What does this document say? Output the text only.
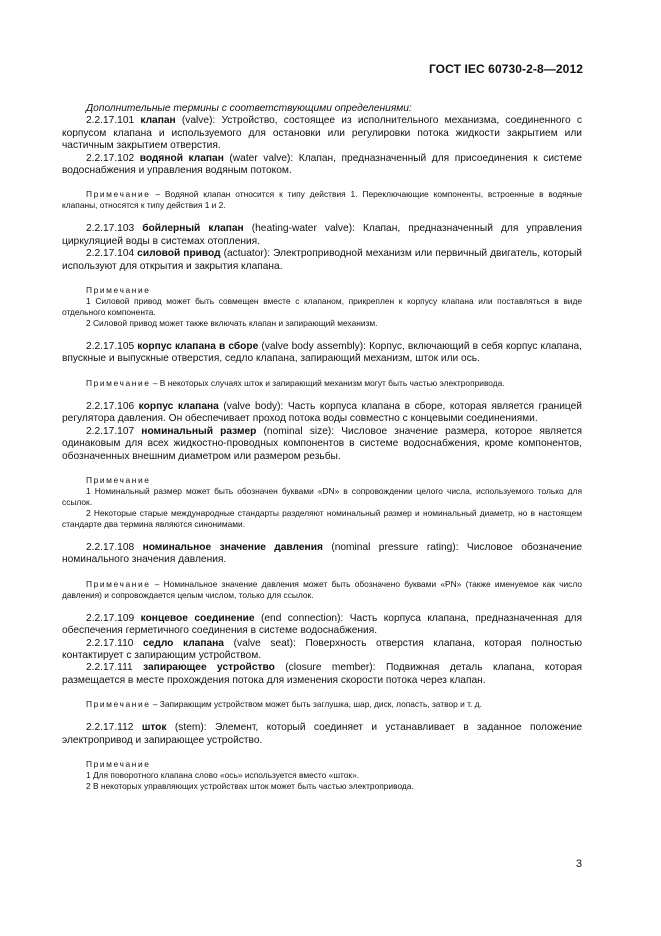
ГОСТ IEC 60730-2-8—2012

Дополнительные термины с соответствующими определениями:

2.2.17.101 клапан (valve): Устройство, состоящее из исполнительного механизма, соединенного с корпусом клапана и используемого для остановки или регулировки потока жидкости закрытием или частичным закрытием отверстия.

2.2.17.102 водяной клапан (water valve): Клапан, предназначенный для присоединения к системе водоснабжения и управления водяным потоком.

Примечание – Водяной клапан относится к типу действия 1. Переключающие компоненты, встроенные в водяные клапаны, относятся к типу действия 1 и 2.

2.2.17.103 бойлерный клапан (heating-water valve): Клапан, предназначенный для управления циркуляцией воды в системах отопления.

2.2.17.104 силовой привод (actuator): Электроприводной механизм или первичный двигатель, который используют для открытия и закрытия клапана.

Примечание

1 Силовой привод может быть совмещен вместе с клапаном, прикреплен к корпусу клапана или поставляться в виде отдельного компонента.

2 Силовой привод может также включать клапан и запирающий механизм.

2.2.17.105 корпус клапана в сборе (valve body assembly): Корпус, включающий в себя корпус клапана, впускные и выпускные отверстия, седло клапана, запирающий механизм, шток или ось.

Примечание – В некоторых случаях шток и запирающий механизм могут быть частью электропривода.

2.2.17.106 корпус клапана (valve body): Часть корпуса клапана в сборе, которая является границей регулятора давления. Он обеспечивает проход потока воды совместно с концевыми соединениями.

2.2.17.107 номинальный размер (nominal size): Числовое значение размера, которое является одинаковым для всех жидкостно-проводных компонентов в системе водоснабжения, кроме компонентов, обозначенных внешним диаметром или размером резьбы.

Примечание

1 Номинальный размер может быть обозначен буквами «DN» в сопровождении целого числа, используемого только для ссылок.

2 Некоторые старые международные стандарты разделяют номинальный размер и номинальный диаметр, но в настоящем стандарте два термина являются синонимами.

2.2.17.108 номинальное значение давления (nominal pressure rating): Числовое обозначение номинального значения давления.

Примечание – Номинальное значение давления может быть обозначено буквами «PN» (также именуемое как число давления) и сопровождается целым числом, только для ссылок.

2.2.17.109 концевое соединение (end connection): Часть корпуса клапана, предназначенная для обеспечения герметичного соединения в системе водоснабжения.

2.2.17.110 седло клапана (valve seat): Поверхность отверстия клапана, которая полностью контактирует с запирающим устройством.

2.2.17.111 запирающее устройство (closure member): Подвижная деталь клапана, которая размещается в месте прохождения потока для изменения скорости потока через клапан.

Примечание – Запирающим устройством может быть заглушка, шар, диск, лопасть, затвор и т. д.

2.2.17.112 шток (stem): Элемент, который соединяет и устанавливает в заданное положение электропривод и запирающее устройство.

Примечание

1 Для поворотного клапана слово «ось» используется вместо «шток».

2 В некоторых управляющих устройствах шток может быть частью электропривода.

3
